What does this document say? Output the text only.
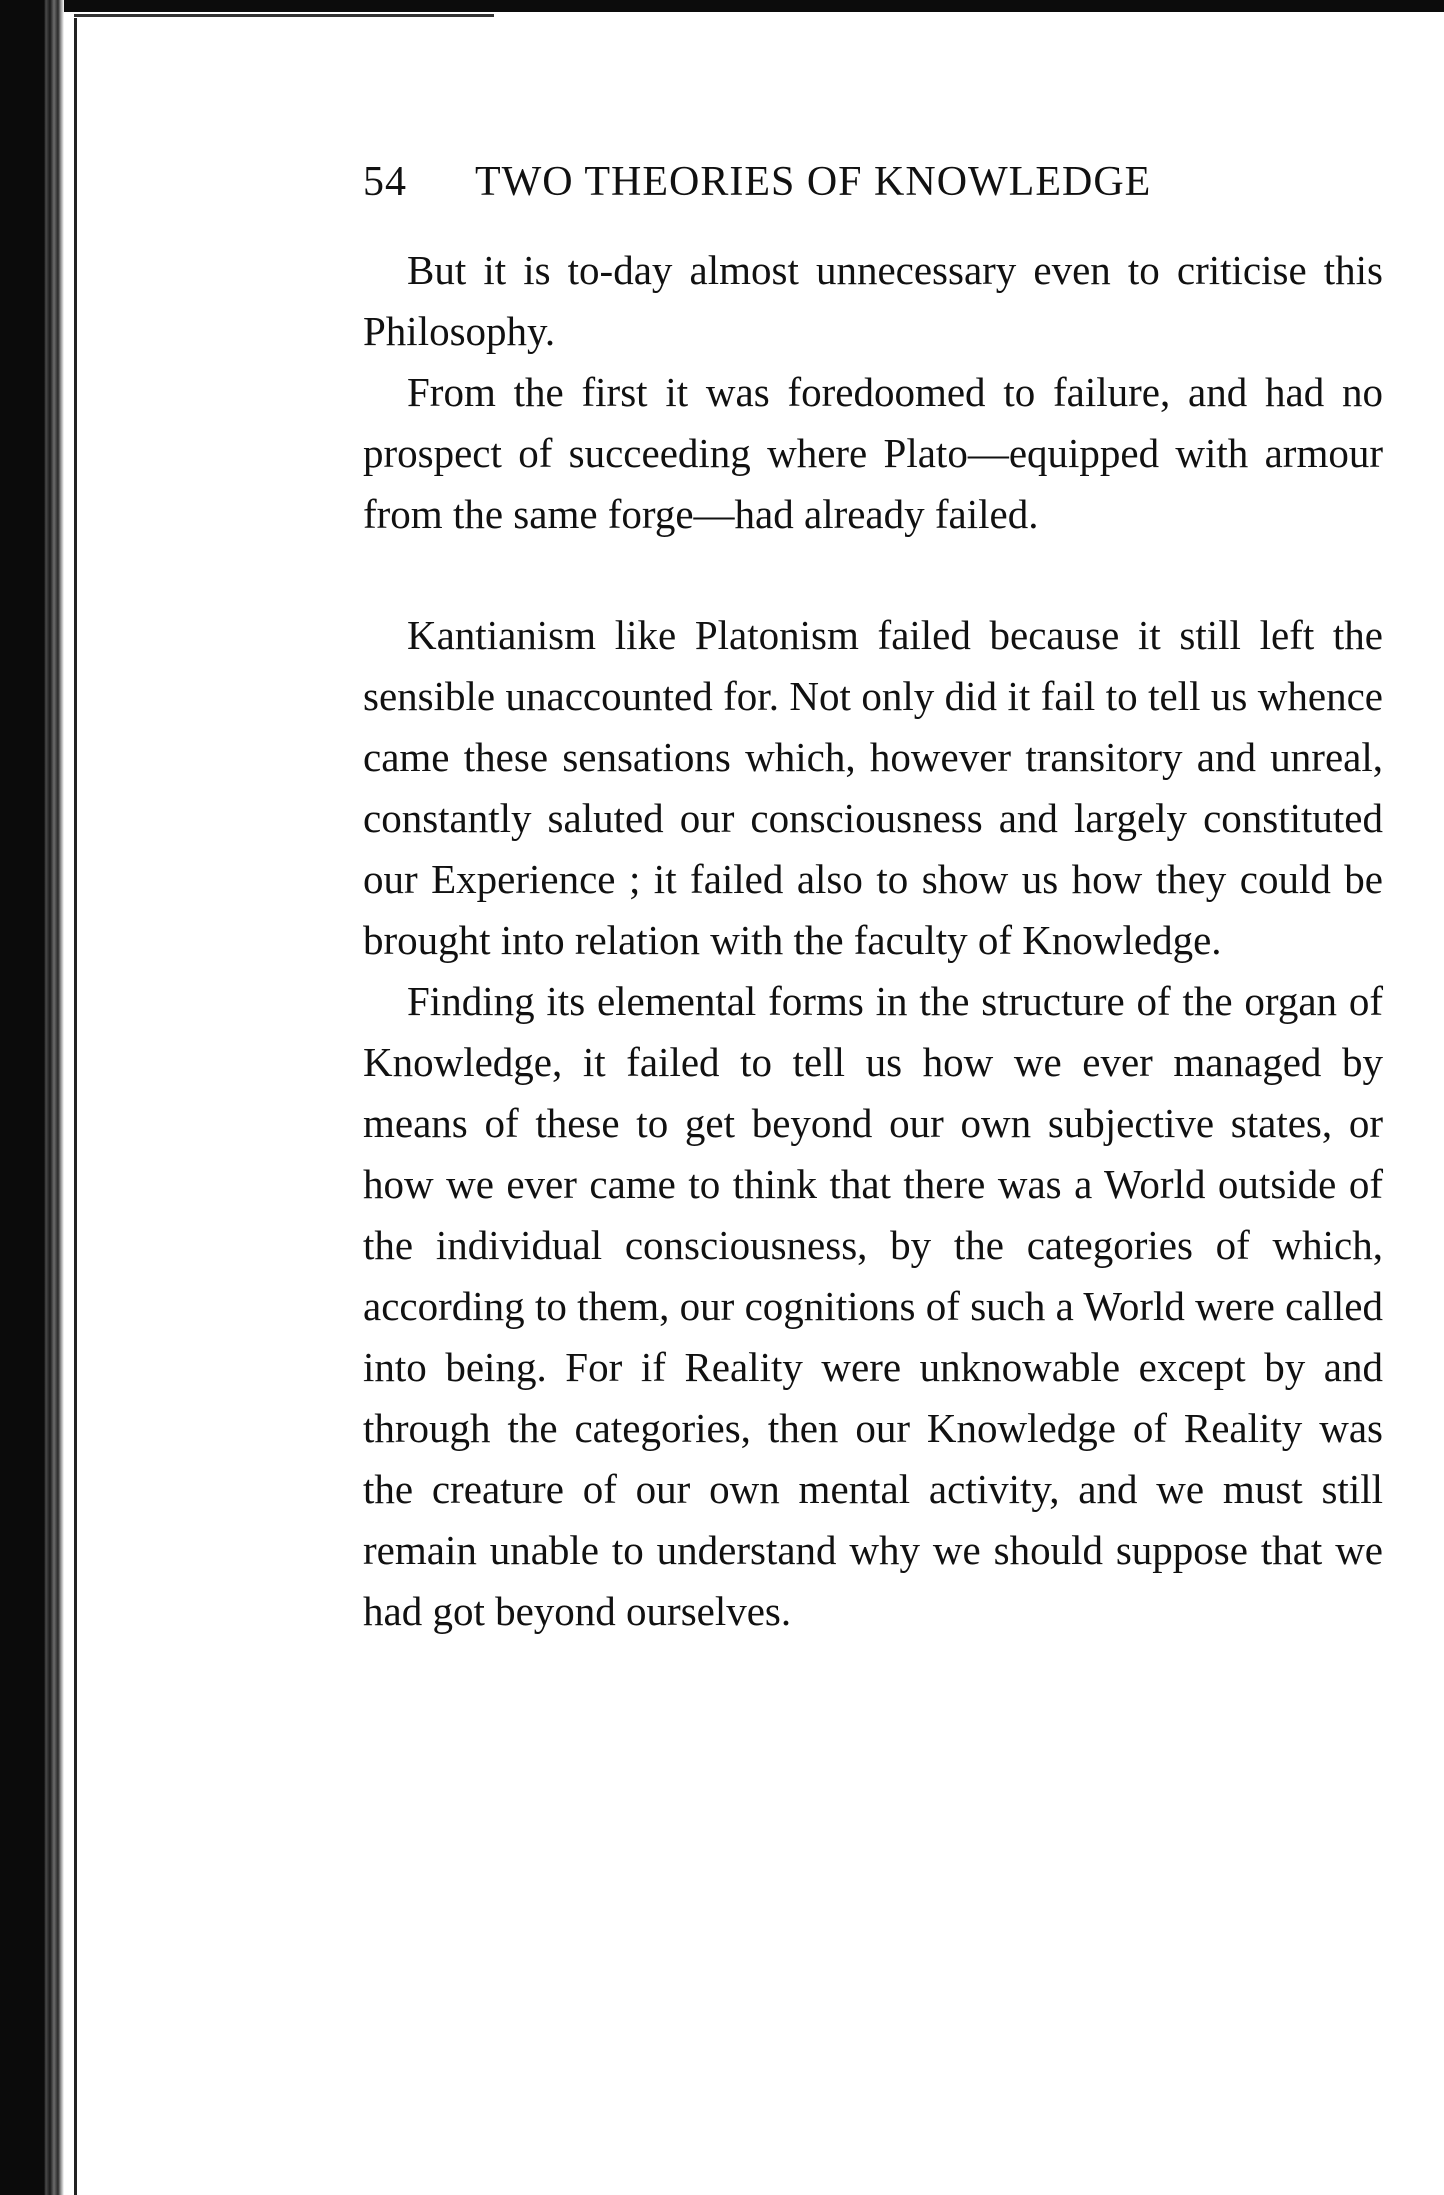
54 TWO THEORIES OF KNOWLEDGE

But it is to-day almost unnecessary even to criticise this Philosophy.

From the first it was foredoomed to failure, and had no prospect of succeeding where Plato—equipped with armour from the same forge—had already failed.

Kantianism like Platonism failed because it still left the sensible unaccounted for. Not only did it fail to tell us whence came these sensations which, however transitory and unreal, constantly saluted our consciousness and largely constituted our Experience ; it failed also to show us how they could be brought into relation with the faculty of Knowledge.

Finding its elemental forms in the structure of the organ of Knowledge, it failed to tell us how we ever managed by means of these to get beyond our own subjective states, or how we ever came to think that there was a World outside of the individual consciousness, by the categories of which, according to them, our cognitions of such a World were called into being. For if Reality were unknowable except by and through the categories, then our Knowledge of Reality was the creature of our own mental activity, and we must still remain unable to understand why we should suppose that we had got beyond ourselves.
